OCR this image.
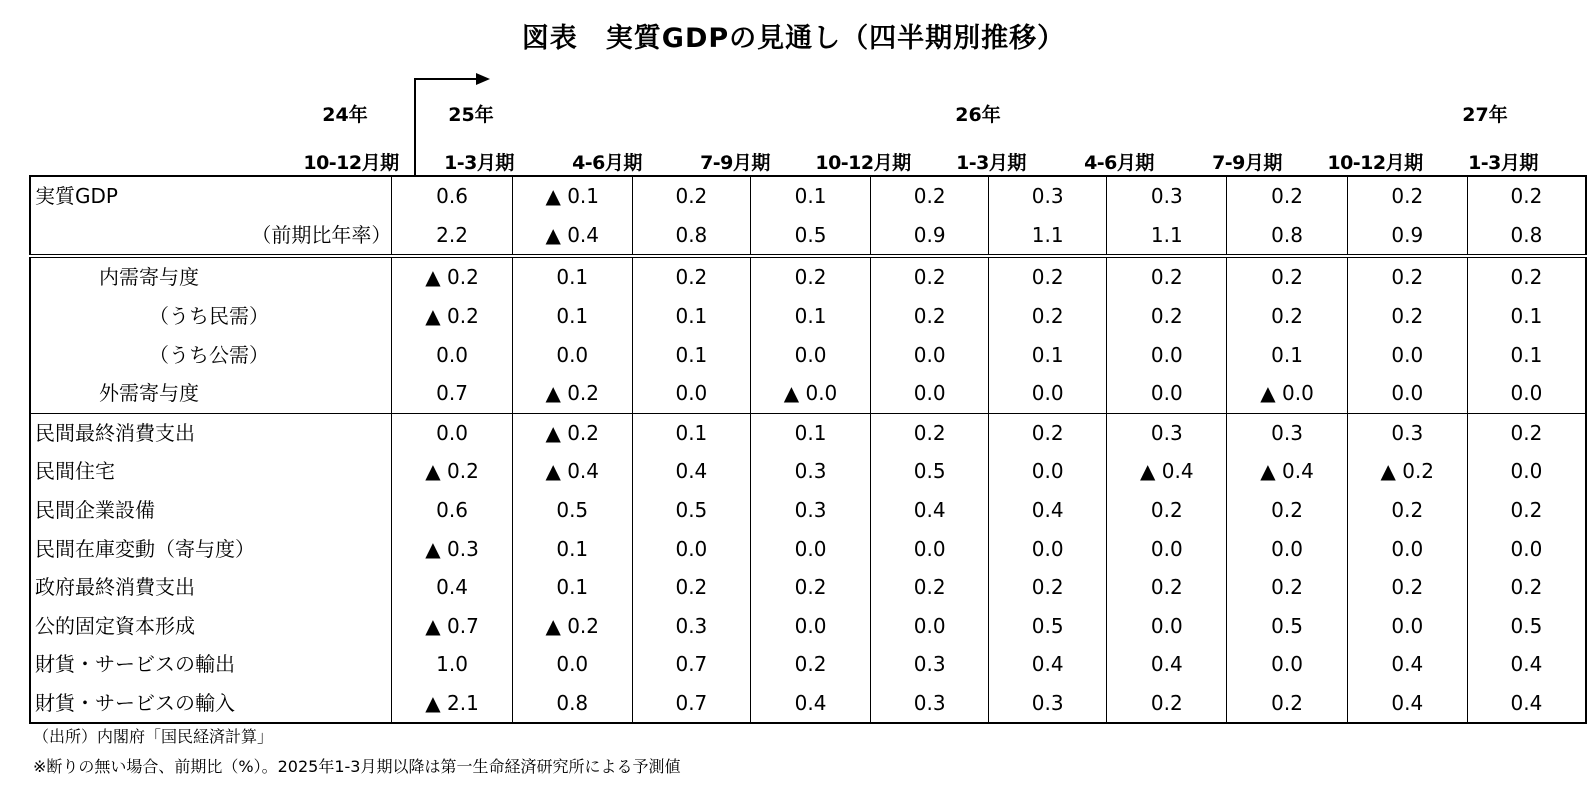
図表　実質GDPの見通し（四半期別推移）
24年	25年	26年	27年
10-12月期	1-3月期	4-6月期	7-9月期	10-12月期	1-3月期	4-6月期	7-9月期	10-12月期	1-3月期
実質GDP	0.6	▲ 0.1	0.2	0.1	0.2	0.3	0.3	0.2	0.2	0.2
（前期比年率）	2.2	▲ 0.4	0.8	0.5	0.9	1.1	1.1	0.8	0.9	0.8
内需寄与度	▲ 0.2	0.1	0.2	0.2	0.2	0.2	0.2	0.2	0.2	0.2
（うち民需）	▲ 0.2	0.1	0.1	0.1	0.2	0.2	0.2	0.2	0.2	0.1
（うち公需）	0.0	0.0	0.1	0.0	0.0	0.1	0.0	0.1	0.0	0.1
外需寄与度	0.7	▲ 0.2	0.0	▲ 0.0	0.0	0.0	0.0	▲ 0.0	0.0	0.0
民間最終消費支出	0.0	▲ 0.2	0.1	0.1	0.2	0.2	0.3	0.3	0.3	0.2
民間住宅	▲ 0.2	▲ 0.4	0.4	0.3	0.5	0.0	▲ 0.4	▲ 0.4	▲ 0.2	0.0
民間企業設備	0.6	0.5	0.5	0.3	0.4	0.4	0.2	0.2	0.2	0.2
民間在庫変動（寄与度）	▲ 0.3	0.1	0.0	0.0	0.0	0.0	0.0	0.0	0.0	0.0
政府最終消費支出	0.4	0.1	0.2	0.2	0.2	0.2	0.2	0.2	0.2	0.2
公的固定資本形成	▲ 0.7	▲ 0.2	0.3	0.0	0.0	0.5	0.0	0.5	0.0	0.5
財貨・サービスの輸出	1.0	0.0	0.7	0.2	0.3	0.4	0.4	0.0	0.4	0.4
財貨・サービスの輸入	▲ 2.1	0.8	0.7	0.4	0.3	0.3	0.2	0.2	0.4	0.4
（出所）内閣府「国民経済計算」
※断りの無い場合、前期比（%）。2025年1-3月期以降は第一生命経済研究所による予測値
